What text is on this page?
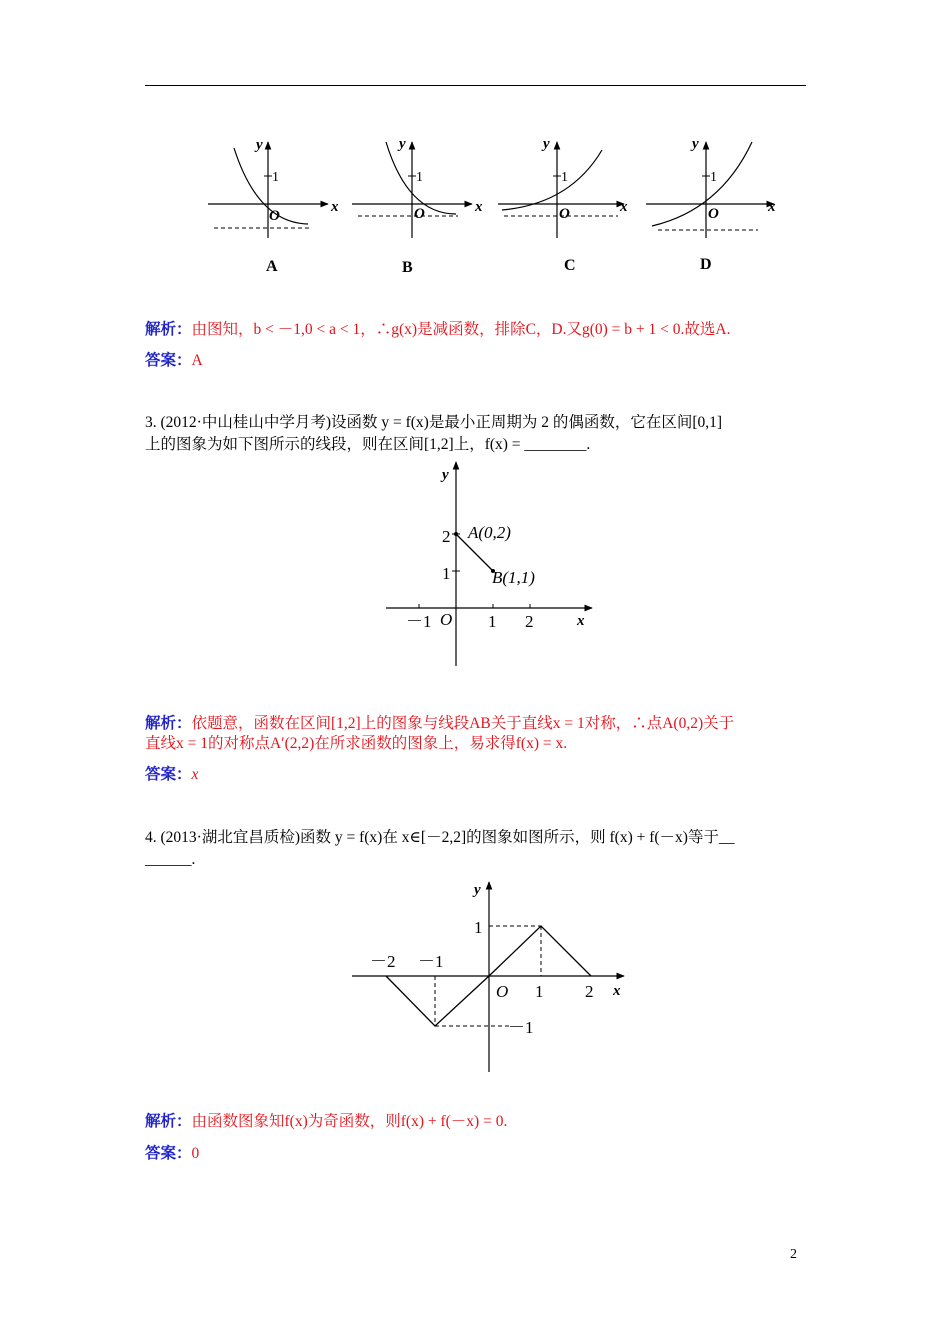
y
x
1
O
A
y
x
1
O
B
y
x
1
O
C
y
x
1
O
D
解析：由图知，b < －1,0 < a < 1，∴g(x)是减函数，排除C，D.又g(0) = b + 1 < 0.故选A.
答案：A
3. (2012·中山桂山中学月考)设函数 y = f(x)是最小正周期为 2 的偶函数，它在区间[0,1]
上的图象为如下图所示的线段，则在区间[1,2]上，f(x) = ________.
y
x
O
2
1
－1	1 2
A(0,2)
B(1,1)
解析：依题意，函数在区间[1,2]上的图象与线段AB关于直线x = 1对称，∴点A(0,2)关于
直线x = 1的对称点A′(2,2)在所求函数的图象上，易求得f(x) = x.
答案：x
4. (2013·湖北宜昌质检)函数 y = f(x)在 x∈[－2,2]的图象如图所示，则 f(x) + f(－x)等于__
______.
y
x
O
－2 －1
1 2
1
－1
解析：由函数图象知f(x)为奇函数，则f(x) + f(－x) = 0.
答案：0
2
